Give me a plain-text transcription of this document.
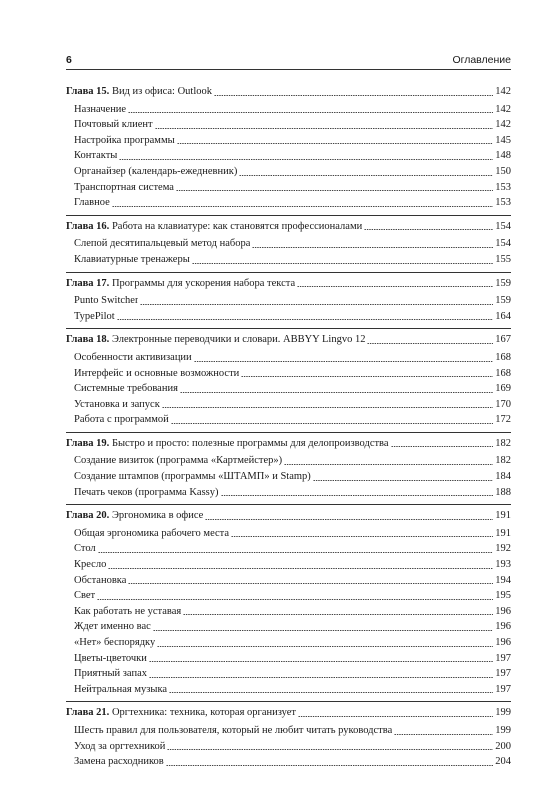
6	Оглавление
Глава 15. Вид из офиса: Outlook	142
Назначение	142
Почтовый клиент	142
Настройка программы	145
Контакты	148
Органайзер (календарь-ежедневник)	150
Транспортная система	153
Главное	153
Глава 16. Работа на клавиатуре: как становятся профессионалами	154
Слепой десятипальцевый метод набора	154
Клавиатурные тренажеры	155
Глава 17. Программы для ускорения набора текста	159
Punto Switcher	159
TypePilot	164
Глава 18. Электронные переводчики и словари. ABBYY Lingvo 12	167
Особенности активизации	168
Интерфейс и основные возможности	168
Системные требования	169
Установка и запуск	170
Работа с программой	172
Глава 19. Быстро и просто: полезные программы для делопроизводства	182
Создание визиток (программа «Картмейстер»)	182
Создание штампов (программы «ШТАМП» и Stamp)	184
Печать чеков (программа Kassy)	188
Глава 20. Эргономика в офисе	191
Общая эргономика рабочего места	191
Стол	192
Кресло	193
Обстановка	194
Свет	195
Как работать не уставая	196
Ждет именно вас	196
«Нет» беспорядку	196
Цветы-цветочки	197
Приятный запах	197
Нейтральная музыка	197
Глава 21. Оргтехника: техника, которая организует	199
Шесть правил для пользователя, который не любит читать руководства	199
Уход за оргтехникой	200
Замена расходников	204
